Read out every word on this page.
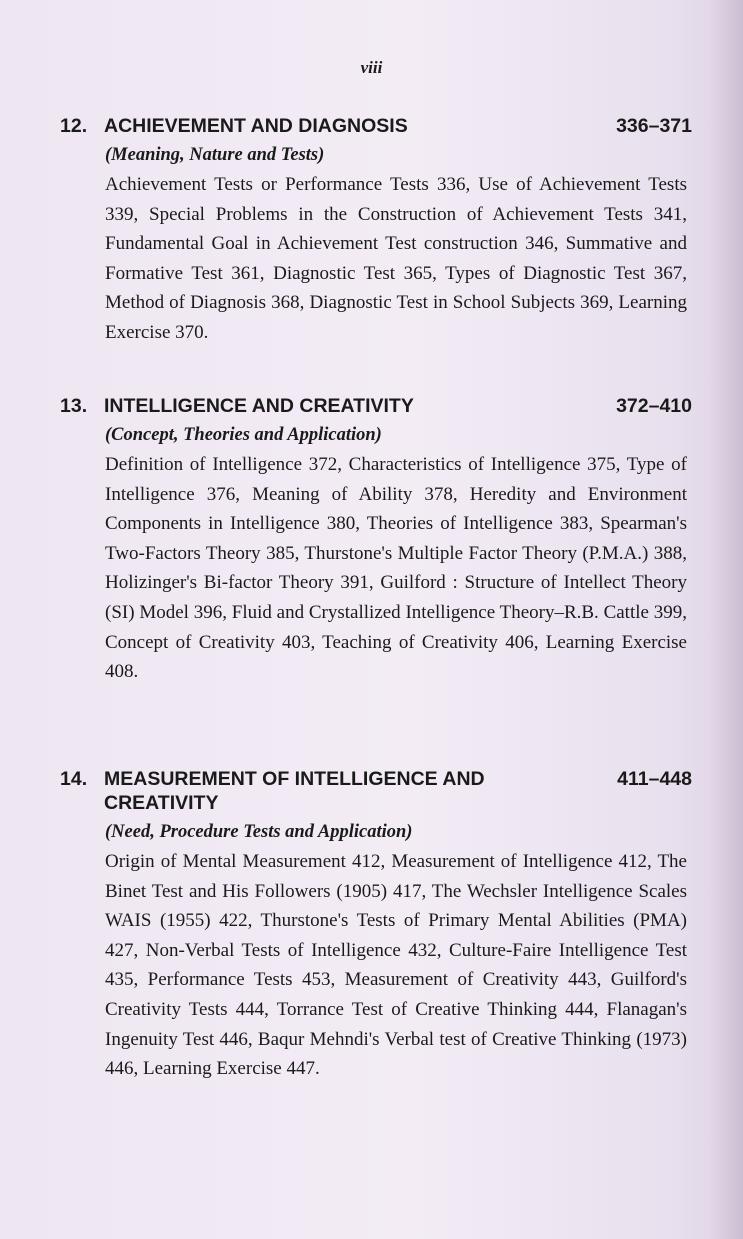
viii
12. ACHIEVEMENT AND DIAGNOSIS	336–371
(Meaning, Nature and Tests)
Achievement Tests or Performance Tests 336, Use of Achievement Tests 339, Special Problems in the Construction of Achievement Tests 341, Fundamental Goal in Achievement Test construction 346, Summative and Formative Test 361, Diagnostic Test 365, Types of Diagnostic Test 367, Method of Diagnosis 368, Diagnostic Test in School Subjects 369, Learning Exercise 370.
13. INTELLIGENCE AND CREATIVITY	372–410
(Concept, Theories and Application)
Definition of Intelligence 372, Characteristics of Intelligence 375, Type of Intelligence 376, Meaning of Ability 378, Heredity and Environment Components in Intelligence 380, Theories of Intelligence 383, Spearman's Two-Factors Theory 385, Thurstone's Multiple Factor Theory (P.M.A.) 388, Holizinger's Bi-factor Theory 391, Guilford : Structure of Intellect Theory (SI) Model 396, Fluid and Crystallized Intelligence Theory–R.B. Cattle 399, Concept of Creativity 403, Teaching of Creativity 406, Learning Exercise 408.
14. MEASUREMENT OF INTELLIGENCE AND CREATIVITY
411–448
(Need, Procedure Tests and Application)
Origin of Mental Measurement 412, Measurement of Intelligence 412, The Binet Test and His Followers (1905) 417, The Wechsler Intelligence Scales WAIS (1955) 422, Thurstone's Tests of Primary Mental Abilities (PMA) 427, Non-Verbal Tests of Intelligence 432, Culture-Faire Intelligence Test 435, Performance Tests 453, Measurement of Creativity 443, Guilford's Creativity Tests 444, Torrance Test of Creative Thinking 444, Flanagan's Ingenuity Test 446, Baqur Mehndi's Verbal test of Creative Thinking (1973) 446, Learning Exercise 447.
